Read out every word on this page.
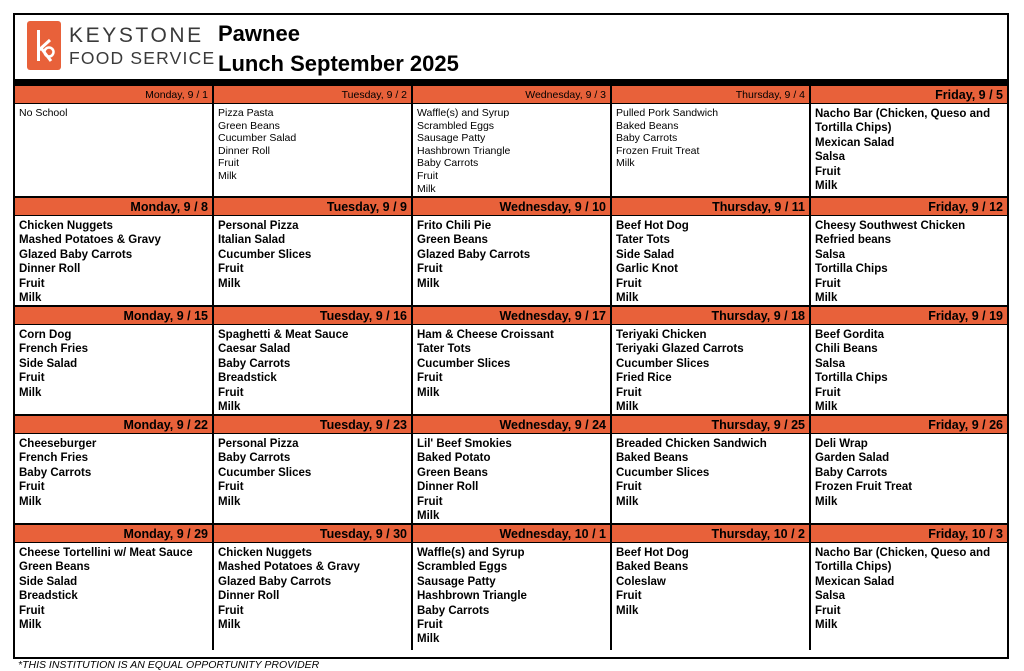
KEYSTONE
FOOD SERVICE
Pawnee
Lunch September 2025
Monday, 9 / 1
No School
Tuesday, 9 / 2
Pizza Pasta
Green Beans
Cucumber Salad
Dinner Roll
Fruit
Milk
Wednesday, 9 / 3
Waffle(s) and Syrup
Scrambled Eggs
Sausage Patty
Hashbrown Triangle
Baby Carrots
Fruit
Milk
Thursday, 9 / 4
Pulled Pork Sandwich
Baked Beans
Baby Carrots
Frozen Fruit Treat
Milk
Friday, 9 / 5
Nacho Bar (Chicken, Queso and
Tortilla Chips)
Mexican Salad
Salsa
Fruit
Milk
Monday, 9 / 8
Chicken Nuggets
Mashed Potatoes & Gravy
Glazed Baby Carrots
Dinner Roll
Fruit
Milk
Tuesday, 9 / 9
Personal Pizza
Italian Salad
Cucumber Slices
Fruit
Milk
Wednesday, 9 / 10
Frito Chili Pie
Green Beans
Glazed Baby Carrots
Fruit
Milk
Thursday, 9 / 11
Beef Hot Dog
Tater Tots
Side Salad
Garlic Knot
Fruit
Milk
Friday, 9 / 12
Cheesy Southwest Chicken
Refried beans
Salsa
Tortilla Chips
Fruit
Milk
Monday, 9 / 15
Corn Dog
French Fries
Side Salad
Fruit
Milk
Tuesday, 9 / 16
Spaghetti & Meat Sauce
Caesar Salad
Baby Carrots
Breadstick
Fruit
Milk
Wednesday, 9 / 17
Ham & Cheese Croissant
Tater Tots
Cucumber Slices
Fruit
Milk
Thursday, 9 / 18
Teriyaki Chicken
Teriyaki Glazed Carrots
Cucumber Slices
Fried Rice
Fruit
Milk
Friday, 9 / 19
Beef Gordita
Chili Beans
Salsa
Tortilla Chips
Fruit
Milk
Monday, 9 / 22
Cheeseburger
French Fries
Baby Carrots
Fruit
Milk
Tuesday, 9 / 23
Personal Pizza
Baby Carrots
Cucumber Slices
Fruit
Milk
Wednesday, 9 / 24
Lil' Beef Smokies
Baked Potato
Green Beans
Dinner Roll
Fruit
Milk
Thursday, 9 / 25
Breaded Chicken Sandwich
Baked Beans
Cucumber Slices
Fruit
Milk
Friday, 9 / 26
Deli Wrap
Garden Salad
Baby Carrots
Frozen Fruit Treat
Milk
Monday, 9 / 29
Cheese Tortellini w/ Meat Sauce
Green Beans
Side Salad
Breadstick
Fruit
Milk
Tuesday, 9 / 30
Chicken Nuggets
Mashed Potatoes & Gravy
Glazed Baby Carrots
Dinner Roll
Fruit
Milk
Wednesday, 10 / 1
Waffle(s) and Syrup
Scrambled Eggs
Sausage Patty
Hashbrown Triangle
Baby Carrots
Fruit
Milk
Thursday, 10 / 2
Beef Hot Dog
Baked Beans
Coleslaw
Fruit
Milk
Friday, 10 / 3
Nacho Bar (Chicken, Queso and
Tortilla Chips)
Mexican Salad
Salsa
Fruit
Milk
*THIS INSTITUTION IS AN EQUAL OPPORTUNITY PROVIDER
